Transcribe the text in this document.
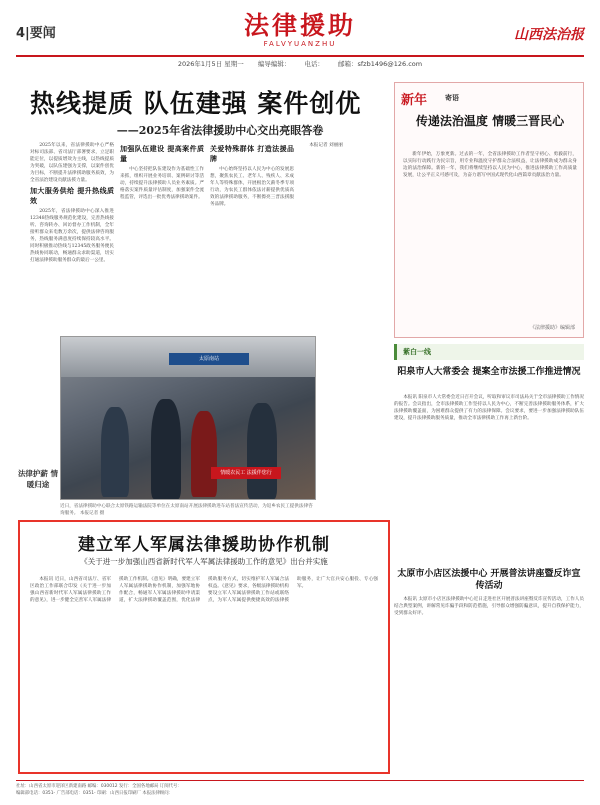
法律援助
FALVYUANZHU
4|要闻	山西法治报
2026年1月5日 星期一 编导编辑： 电话： 邮箱：sfzb1496@126.com
热线提质 队伍建强 案件创优
——2025年省法律援助中心交出亮眼答卷

2025年以来，省法律援助中心严格对标司法部、省司法厅部署要求，立足职能定位，以提质增效为主线，以热线提质为突破，以队伍建强为支撑，以案件创优为目标，不断提升法律援助服务质效，为全省法治建设贡献法援力量。

加大服务供给 提升热线质效

2025年，省法律援助中心深入推进12348热线服务规范化建设，完善热线接听、咨询转办、回访督办工作机制，全年接听群众来电数万余次，提供法律咨询服务，热线服务满意度持续保持较高水平。同时积极推动热线与12345政务服务便民热线协同联动，畅通群众求助渠道，切实打通法律援助服务群众的最后一公里。

加强队伍建设 提高案件质量

中心坚持把队伍建设作为基础性工作来抓，组织开展业务培训、案例研讨等活动，持续提升法律援助人员业务素质。严格落实案件质量评估制度，加强案件全流程监管，评选出一批优秀法律援助案件。

关爱特殊群体 打造法援品牌

中心始终坚持以人民为中心的发展思想，聚焦农民工、老年人、残疾人、未成年人等特殊群体，开展根治欠薪冬季专项行动，为农民工群体依法讨薪提供优质高效的法律援助服务，不断擦亮三晋法援服务品牌。

本报记者 刘丽丽

太原南站
情暖农民工 法援伴您行
近日，省法律援助中心联合太原铁路运输法院等单位在太原南站开展法律援助进车站普法宣传活动，为返乡农民工提供法律咨询服务。 本报记者 摄
法律护薪 情暖归途
新年	寄语
传递法治温度 情暖三晋民心

新年伊始，万象更新。过去的一年，全省法律援助工作者坚守初心、勇毅前行，以实际行动践行为民宗旨，用专业和温度守护群众合法权益，让法律援助成为群众身边的法治保障。新的一年，我们将继续坚持以人民为中心，推进法律援助工作高质量发展，让公平正义可感可及，为奋力谱写中国式现代化山西篇章贡献法治力量。

《法律援助》编辑部
紫白一线
阳泉市人大常委会 提案全市法援工作推进情况

本报讯 阳泉市人大常委会近日召开会议，听取和审议市司法局关于全市法律援助工作情况的报告。会议指出，全市法律援助工作坚持以人民为中心，不断完善法律援助服务体系，扩大法律援助覆盖面，为困难群众提供了有力的法律保障。会议要求，要进一步加强法律援助队伍建设，提升法律援助服务质量，推动全市法律援助工作再上新台阶。

太原市小店区法援中心 开展普法讲座暨反诈宣传活动

本报讯 太原市小店区法律援助中心近日走进社区开展普法讲座暨反诈宣传活动，工作人员结合典型案例，讲解常见诈骗手段和防范措施，引导群众增强防骗意识，提升自我保护能力，受到群众好评。

建立军人军属法律援助协作机制
《关于进一步加强山西省新时代军人军属法律援助工作的意见》出台并实施

本报讯 近日，山西省司法厅、省军区政治工作部联合印发《关于进一步加强山西省新时代军人军属法律援助工作的意见》，进一步健全完善军人军属法律援助工作机制。《意见》明确，要建立军人军属法律援助协作机制，加强军地协作配合，畅通军人军属法律援助申请渠道，扩大法律援助覆盖范围，优化法律援助服务方式，切实维护军人军属合法权益。《意见》要求，各级法律援助机构要设立军人军属法律援助工作站或联络点，为军人军属提供便捷高效的法律援助服务，让广大官兵安心服役、专心强军。

社址：山西省太原市迎泽区新建南路 邮编：030012 发行：全国各地邮局 订阅代号：
编辑部电话：0351- 广告部电话：0351- 印刷：山西日报印刷厂 本报法律顾问：
